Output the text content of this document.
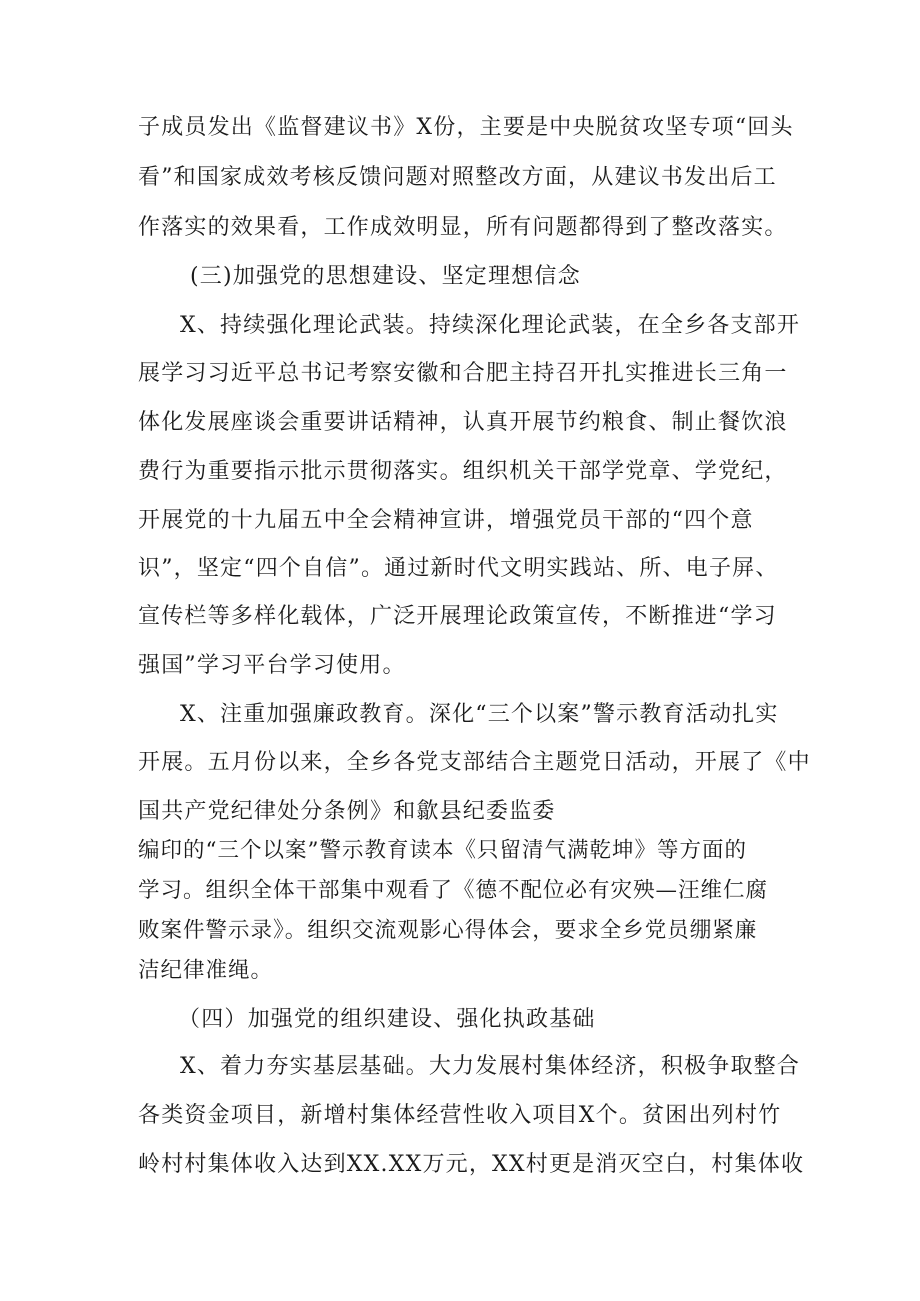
子成员发出《监督建议书》X份，主要是中央脱贫攻坚专项“回头
看”和国家成效考核反馈问题对照整改方面，从建议书发出后工
作落实的效果看，工作成效明显，所有问题都得到了整改落实。
(三)加强党的思想建设、坚定理想信念
X、持续强化理论武装。持续深化理论武装，在全乡各支部开
展学习习近平总书记考察安徽和合肥主持召开扎实推进长三角一
体化发展座谈会重要讲话精神，认真开展节约粮食、制止餐饮浪
费行为重要指示批示贯彻落实。组织机关干部学党章、学党纪，
开展党的十九届五中全会精神宣讲，增强党员干部的“四个意
识”，坚定“四个自信”。通过新时代文明实践站、所、电子屏、
宣传栏等多样化载体，广泛开展理论政策宣传，不断推进“学习
强国”学习平台学习使用。
X、注重加强廉政教育。深化“三个以案”警示教育活动扎实
开展。五月份以来，全乡各党支部结合主题党日活动，开展了《中
国共产党纪律处分条例》和歙县纪委监委
编印的“三个以案”警示教育读本《只留清气满乾坤》等方面的
学习。组织全体干部集中观看了《德不配位必有灾殃—汪维仁腐
败案件警示录》。组织交流观影心得体会，要求全乡党员绷紧廉
洁纪律准绳。
（四）加强党的组织建设、强化执政基础
X、着力夯实基层基础。大力发展村集体经济，积极争取整合
各类资金项目，新增村集体经营性收入项目X个。贫困出列村竹
岭村村集体收入达到XX.XX万元，XX村更是消灭空白，村集体收
